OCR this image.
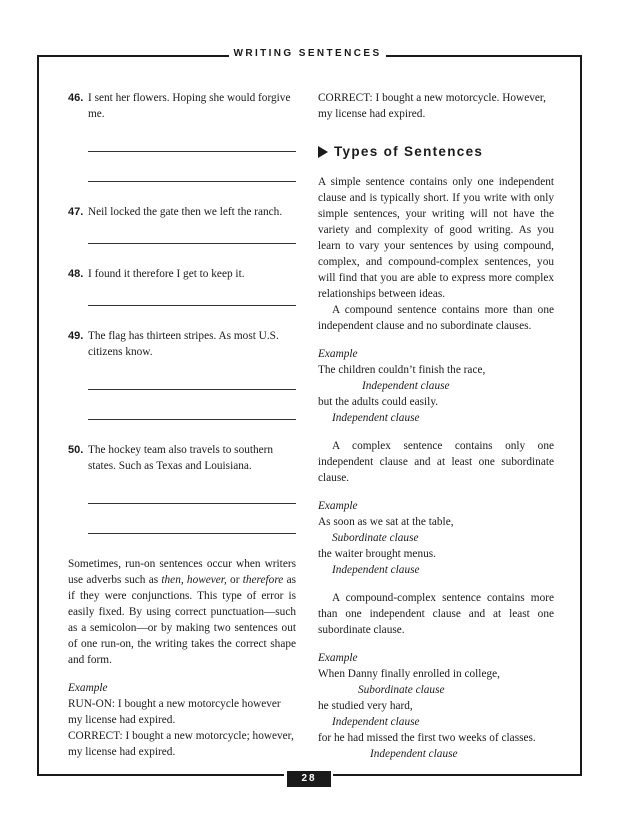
WRITING SENTENCES
28
46. I sent her flowers. Hoping she would forgive me.
47. Neil locked the gate then we left the ranch.
48. I found it therefore I get to keep it.
49. The flag has thirteen stripes. As most U.S. citizens know.
50. The hockey team also travels to southern states. Such as Texas and Louisiana.

Sometimes, run-on sentences occur when writers use adverbs such as then, however, or therefore as if they were conjunctions. This type of error is easily fixed. By using correct punctuation—such as a semicolon—or by making two sentences out of one run-on, the writing takes the correct shape and form.

Example

RUN-ON: I bought a new motorcycle however my license had expired.

CORRECT: I bought a new motorcycle; however, my license had expired.

CORRECT: I bought a new motorcycle. However, my license had expired.

Types of Sentences

A simple sentence contains only one independent clause and is typically short. If you write with only simple sentences, your writing will not have the variety and complexity of good writing. As you learn to vary your sentences by using compound, complex, and compound-complex sentences, you will find that you are able to express more complex relationships between ideas.

A compound sentence contains more than one independent clause and no subordinate clauses.

Example

The children couldn’t finish the race,

Independent clause

but the adults could easily.

Independent clause

A complex sentence contains only one independent clause and at least one subordinate clause.

Example

As soon as we sat at the table,

Subordinate clause

the waiter brought menus.

Independent clause

A compound-complex sentence contains more than one independent clause and at least one subordinate clause.

Example

When Danny finally enrolled in college,

Subordinate clause

he studied very hard,

Independent clause

for he had missed the first two weeks of classes.

Independent clause
